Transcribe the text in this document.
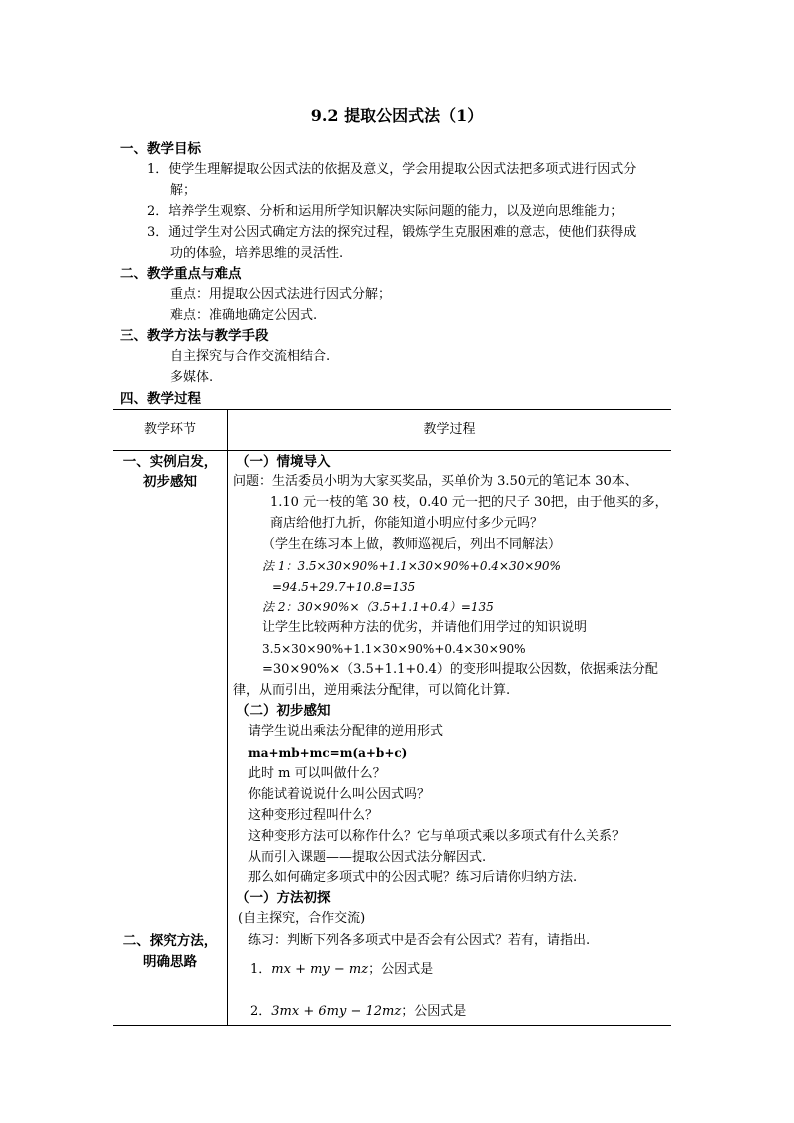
9.2 提取公因式法（1）
一、教学目标
1．使学生理解提取公因式法的依据及意义，学会用提取公因式法把多项式进行因式分
解；
2．培养学生观察、分析和运用所学知识解决实际问题的能力，以及逆向思维能力；
3．通过学生对公因式确定方法的探究过程，锻炼学生克服困难的意志，使他们获得成
功的体验，培养思维的灵活性.
二、教学重点与难点
重点：用提取公因式法进行因式分解；
难点：准确地确定公因式.
三、教学方法与教学手段
自主探究与合作交流相结合.
多媒体.
四、教学过程
教学环节	教学过程
一、实例启发，
初步感知
二、探究方法，
明确思路
（一）情境导入
问题：生活委员小明为大家买奖品，买单价为 3.50元的笔记本 30本、
1.10 元一枝的笔 30 枝，0.40 元一把的尺子 30把，由于他买的多，
商店给他打九折，你能知道小明应付多少元吗？
（学生在练习本上做，教师巡视后，列出不同解法）
法 1：3.5×30×90%+1.1×30×90%+0.4×30×90%
=94.5+29.7+10.8=135
法 2：30×90%×（3.5+1.1+0.4）=135
让学生比较两种方法的优劣，并请他们用学过的知识说明
3.5×30×90%+1.1×30×90%+0.4×30×90%
=30×90%×（3.5+1.1+0.4）的变形叫提取公因数，依据乘法分配
律，从而引出，逆用乘法分配律，可以简化计算.
（二）初步感知
请学生说出乘法分配律的逆用形式
ma+mb+mc=m(a+b+c)
此时 m 可以叫做什么？
你能试着说说什么叫公因式吗？
这种变形过程叫什么？
这种变形方法可以称作什么？它与单项式乘以多项式有什么关系？
从而引入课题——提取公因式法分解因式.
那么如何确定多项式中的公因式呢？练习后请你归纳方法.
（一）方法初探
(自主探究，合作交流)
练习：判断下列各多项式中是否会有公因式？若有，请指出.
1．mx + my − mz；公因式是
2．3mx + 6my − 12mz；公因式是
